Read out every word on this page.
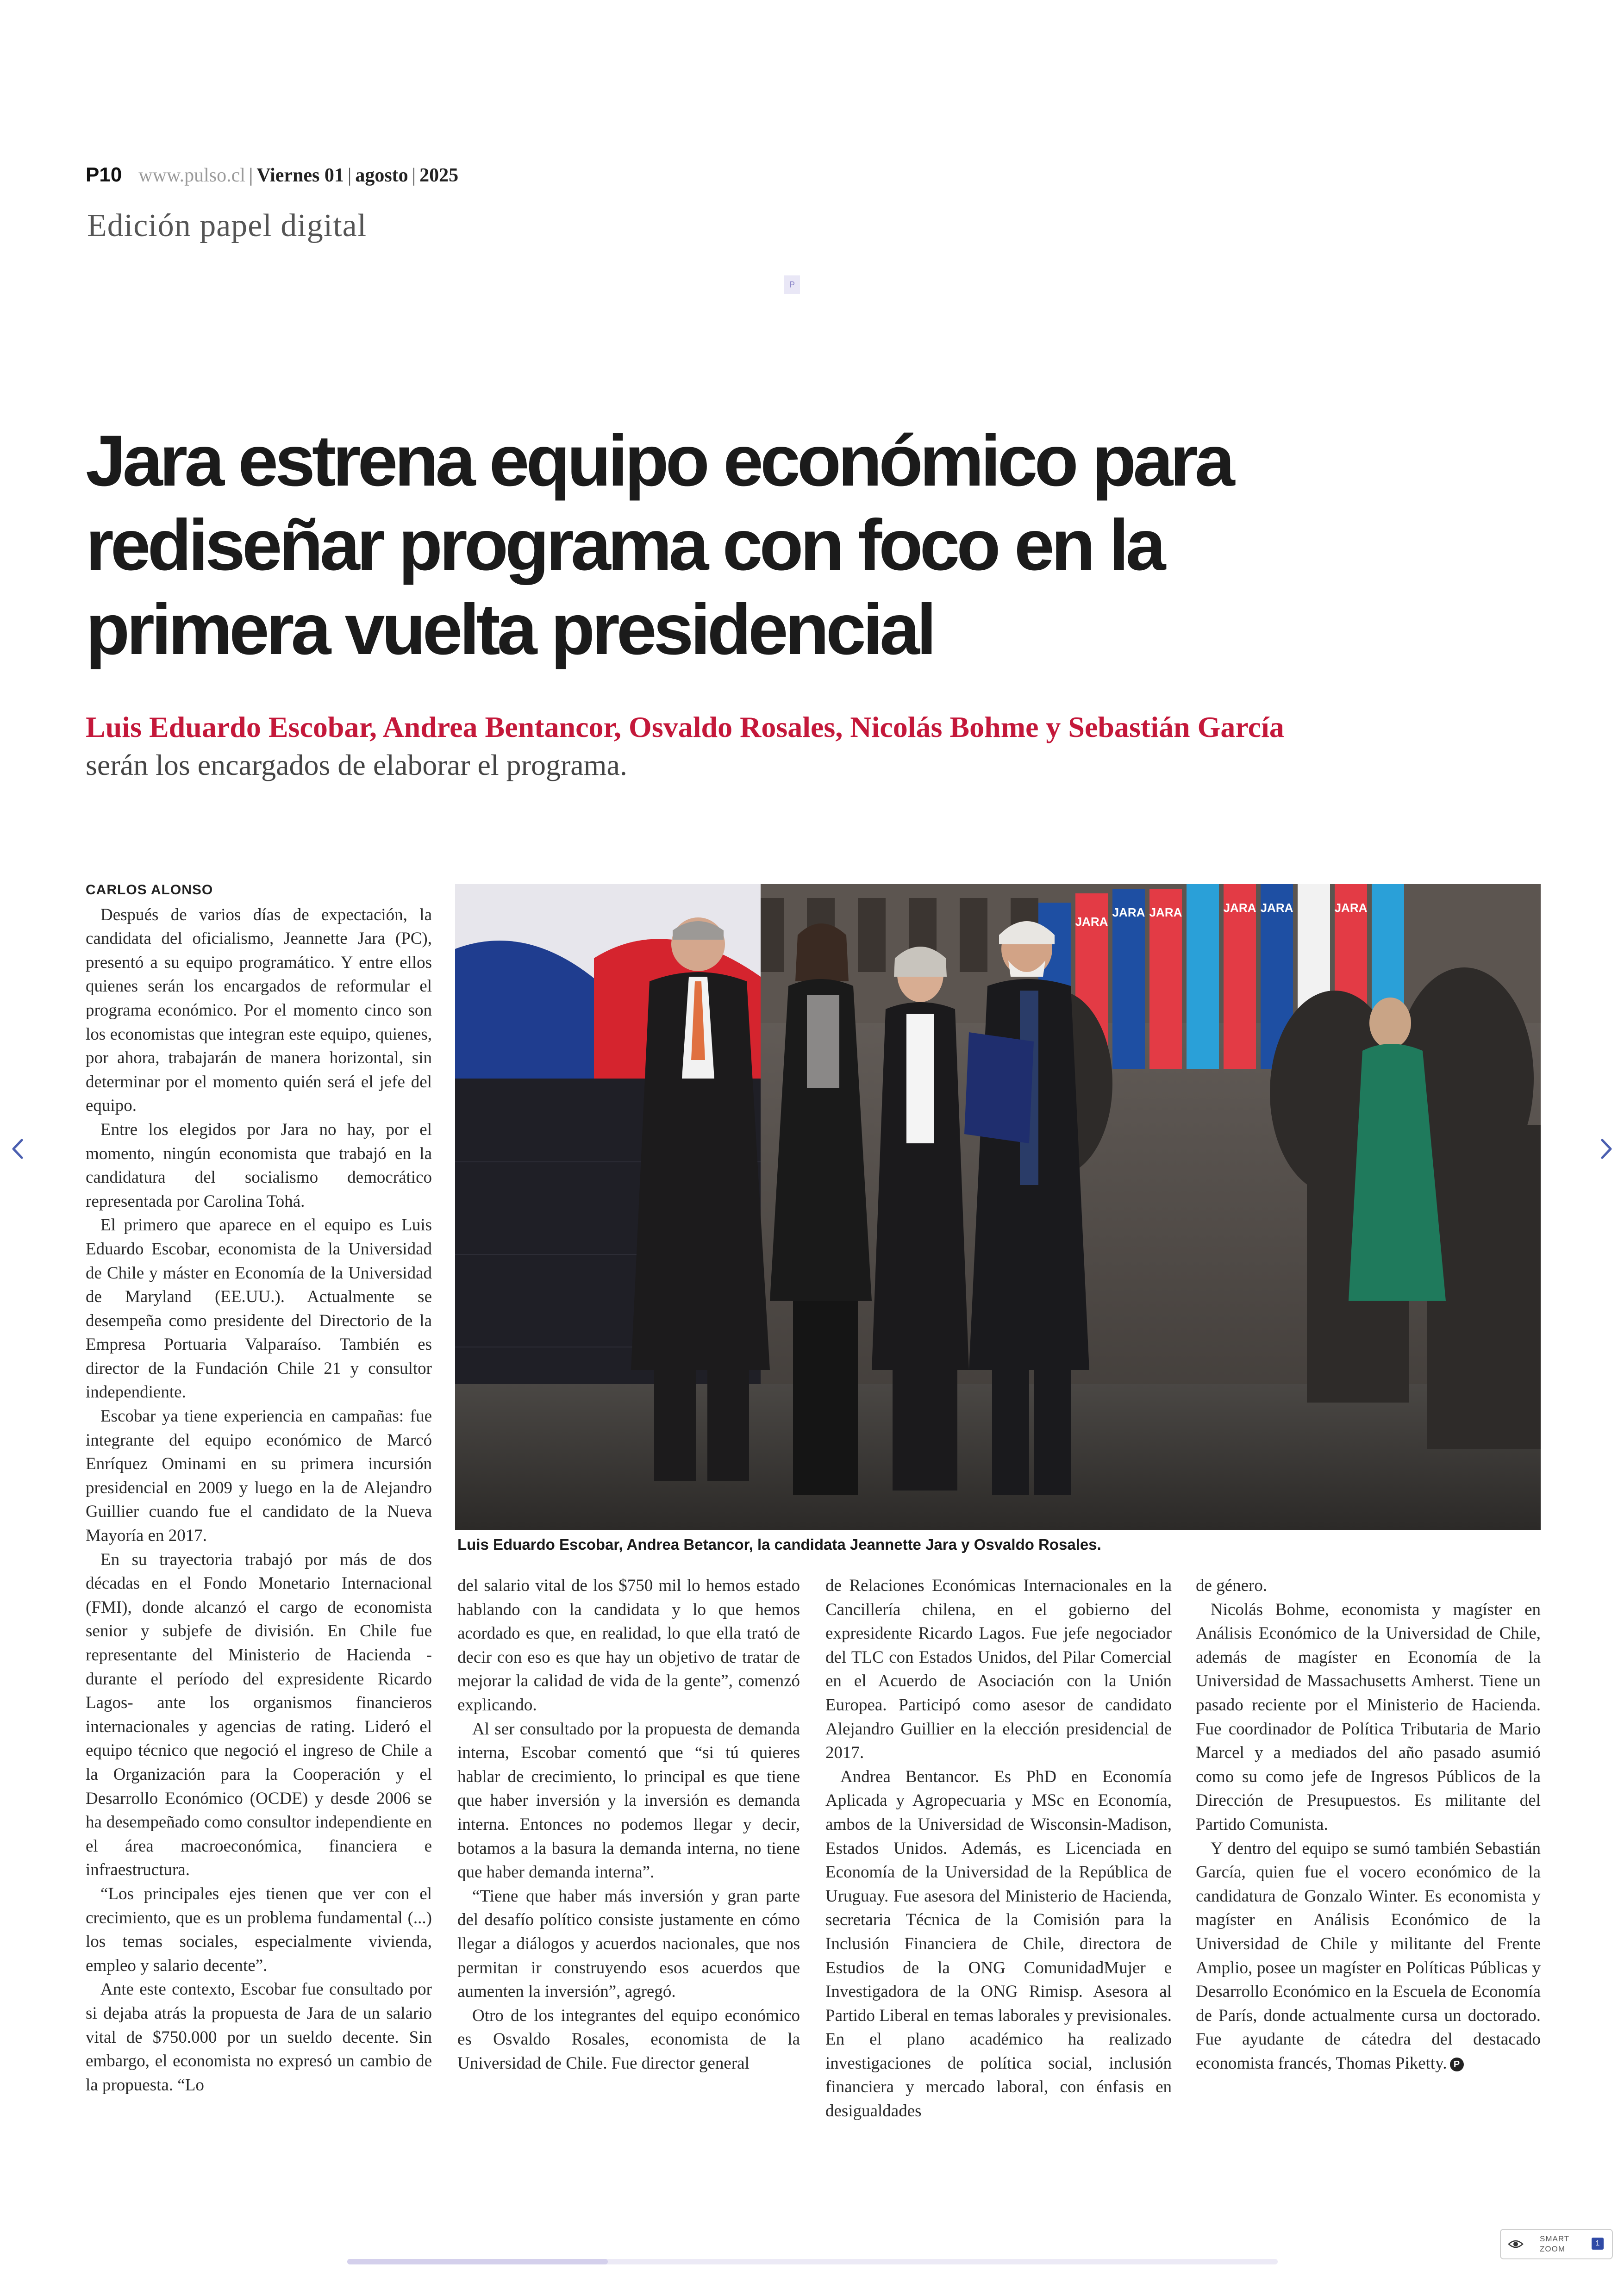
P10 www.pulso.cl | Viernes 01 | agosto | 2025
Edición papel digital
P
Jara estrena equipo económico para
rediseñar programa con foco en la
primera vuelta presidencial
Luis Eduardo Escobar, Andrea Bentancor, Osvaldo Rosales, Nicolás Bohme y Sebastián García
serán los encargados de elaborar el programa.
CARLOS ALONSO

Después de varios días de expectación, la candidata del oficialismo, Jeannette Jara (PC), presentó a su equipo programático. Y entre ellos quienes serán los encargados de reformular el programa económico. Por el momento cinco son los economistas que integran este equipo, quienes, por ahora, trabajarán de manera horizontal, sin determinar por el momento quién será el jefe del equipo.

Entre los elegidos por Jara no hay, por el momento, ningún economista que trabajó en la candidatura del socialismo democrático representada por Carolina Tohá.

El primero que aparece en el equipo es Luis Eduardo Escobar, economista de la Universidad de Chile y máster en Economía de la Universidad de Maryland (EE.UU.). Actualmente se desempeña como presidente del Directorio de la Empresa Portuaria Valparaíso. También es director de la Fundación Chile 21 y consultor independiente.

Escobar ya tiene experiencia en campañas: fue integrante del equipo económico de Marcó Enríquez Ominami en su primera incursión presidencial en 2009 y luego en la de Alejandro Guillier cuando fue el candidato de la Nueva Mayoría en 2017.

En su trayectoria trabajó por más de dos décadas en el Fondo Monetario Internacional (FMI), donde alcanzó el cargo de economista senior y subjefe de división. En Chile fue representante del Ministerio de Hacienda - durante el período del expresidente Ricardo Lagos- ante los organismos financieros internacionales y agencias de rating. Lideró el equipo técnico que negoció el ingreso de Chile a la Organización para la Cooperación y el Desarrollo Económico (OCDE) y desde 2006 se ha desempeñado como consultor independiente en el área macroeconómica, financiera e infraestructura.

“Los principales ejes tienen que ver con el crecimiento, que es un problema fundamental (...) los temas sociales, especialmente vivienda, empleo y salario decente”.

Ante este contexto, Escobar fue consultado por si dejaba atrás la propuesta de Jara de un salario vital de $750.000 por un sueldo decente. Sin embargo, el economista no expresó un cambio de la propuesta. “Lo

JARA
JARA JARA	JARA JARA	JARA
Luis Eduardo Escobar, Andrea Betancor, la candidata Jeannette Jara y Osvaldo Rosales.

del salario vital de los $750 mil lo hemos estado hablando con la candidata y lo que hemos acordado es que, en realidad, lo que ella trató de decir con eso es que hay un objetivo de tratar de mejorar la calidad de vida de la gente”, comenzó explicando.

Al ser consultado por la propuesta de demanda interna, Escobar comentó que “si tú quieres hablar de crecimiento, lo principal es que tiene que haber inversión y la inversión es demanda interna. Entonces no podemos llegar y decir, botamos a la basura la demanda interna, no tiene que haber demanda interna”.

“Tiene que haber más inversión y gran parte del desafío político consiste justamente en cómo llegar a diálogos y acuerdos nacionales, que nos permitan ir construyendo esos acuerdos que aumenten la inversión”, agregó.

Otro de los integrantes del equipo económico es Osvaldo Rosales, economista de la Universidad de Chile. Fue director general

de Relaciones Económicas Internacionales en la Cancillería chilena, en el gobierno del expresidente Ricardo Lagos. Fue jefe negociador del TLC con Estados Unidos, del Pilar Comercial en el Acuerdo de Asociación con la Unión Europea. Participó como asesor de candidato Alejandro Guillier en la elección presidencial de 2017.

Andrea Bentancor. Es PhD en Economía Aplicada y Agropecuaria y MSc en Economía, ambos de la Universidad de Wisconsin-Madison, Estados Unidos. Además, es Licenciada en Economía de la Universidad de la República de Uruguay. Fue asesora del Ministerio de Hacienda, secretaria Técnica de la Comisión para la Inclusión Financiera de Chile, directora de Estudios de la ONG ComunidadMujer e Investigadora de la ONG Rimisp. Asesora al Partido Liberal en temas laborales y previsionales. En el plano académico ha realizado investigaciones de política social, inclusión financiera y mercado laboral, con énfasis en desigualdades

de género.

Nicolás Bohme, economista y magíster en Análisis Económico de la Universidad de Chile, además de magíster en Economía de la Universidad de Massachusetts Amherst. Tiene un pasado reciente por el Ministerio de Hacienda. Fue coordinador de Política Tributaria de Mario Marcel y a mediados del año pasado asumió como su como jefe de Ingresos Públicos de la Dirección de Presupuestos. Es militante del Partido Comunista.

Y dentro del equipo se sumó también Sebastián García, quien fue el vocero económico de la candidatura de Gonzalo Winter. Es economista y magíster en Análisis Económico de la Universidad de Chile y militante del Frente Amplio, posee un magíster en Políticas Públicas y Desarrollo Económico en la Escuela de Economía de París, donde actualmente cursa un doctorado. Fue ayudante de cátedra del destacado economista francés, Thomas Piketty. P

SMART
ZOOM
1
